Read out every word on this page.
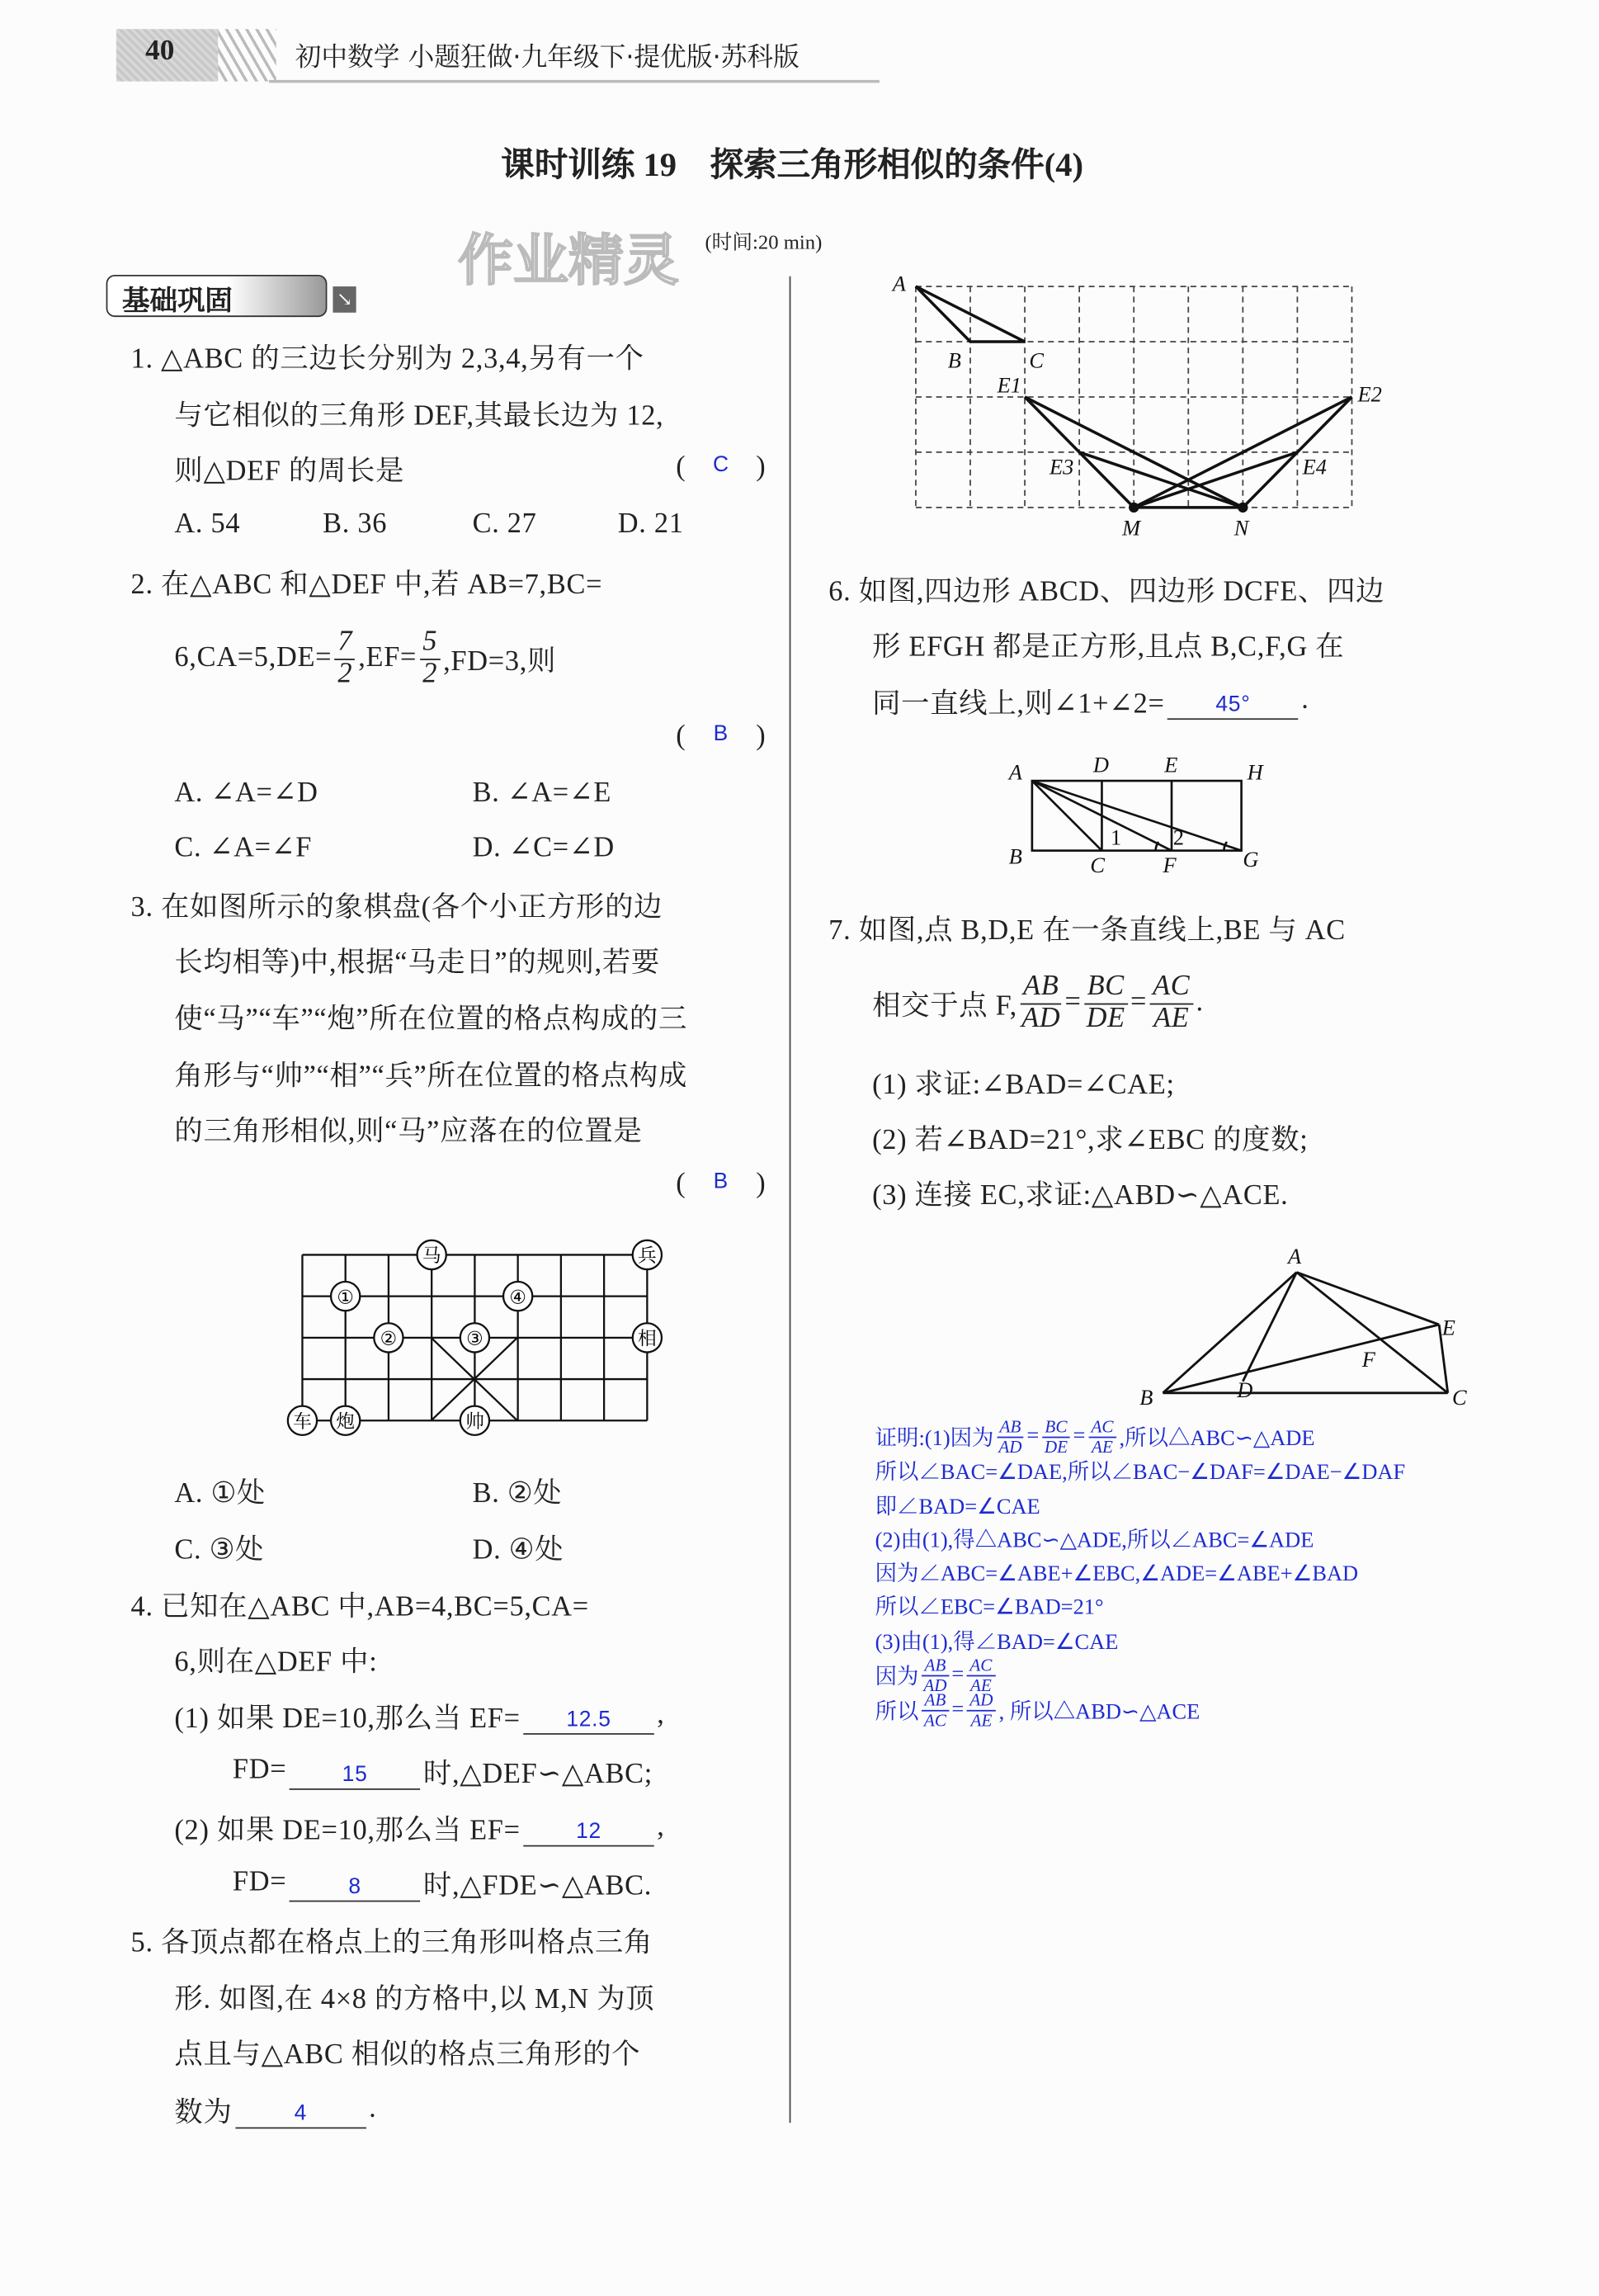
40	初中数学 小题狂做·九年级下·提优版·苏科版
课时训练 19　探索三角形相似的条件(4)
作业精灵 (时间:20 min)
基础巩固	↘
1. △ABC 的三边长分别为 2,3,4,另有一个
与它相似的三角形 DEF,其最长边为 12,
则△DEF 的周长是	( C )
A. 54	B. 36	C. 27	D. 21
2. 在△ABC 和△DEF 中,若 AB=7,BC=
$6,CA=5,DE= \frac{7}{2} ,EF= \frac{5}{2} ,FD=3$,则
( B )
A. ∠A=∠D	B. ∠A=∠E
C. ∠A=∠F	D. ∠C=∠D
3. 在如图所示的象棋盘(各个小正方形的边
长均相等)中,根据“马走日”的规则,若要
使“马”“车”“炮”所在位置的格点构成的三
角形与“帅”“相”“兵”所在位置的格点构成
的三角形相似,则“马”应落在的位置是
( B )
A. ①处	B. ②处
C. ③处	D. ④处
4. 已知在△ABC 中,AB=4,BC=5,CA=
6,则在△DEF 中:
(1) 如果 DE=10,那么当 EF=	12.5	,
FD=	15	时,△DEF∽△ABC;
(2) 如果 DE=10,那么当 EF=	12	,
FD=	8	时,△FDE∽△ABC.
5. 各顶点都在格点上的三角形叫格点三角
形. 如图,在 4×8 的方格中,以 M,N 为顶
点且与△ABC 相似的格点三角形的个
数为	4	.
6. 如图,四边形 ABCD、四边形 DCFE、四边
形 EFGH 都是正方形,且点 B,C,F,G 在
同一直线上,则∠1+∠2=	45°	.
7. 如图,点 B,D,E 在一条直线上,BE 与 AC
相交于点 F, $\frac{AB}{AD} = \frac{BC}{DE} = \frac{AC}{AE}$ .
(1) 求证:∠BAD=∠CAE;
(2) 若∠BAD=21°,求∠EBC 的度数;
(3) 连接 EC,求证:△ABD∽△ACE.
证明:(1)因为 $\frac{AB}{AD} = \frac{BC}{DE} = \frac{AC}{AE}$ ,所以△ABC∽△ADE
所以∠BAC=∠DAE,所以∠BAC−∠DAF=∠DAE−∠DAF
即∠BAD=∠CAE
(2)由(1),得△ABC∽△ADE,所以∠ABC=∠ADE
因为∠ABC=∠ABE+∠EBC,∠ADE=∠ABE+∠BAD
所以∠EBC=∠BAD=21°
(3)由(1),得∠BAD=∠CAE
因为 $\frac{AB}{AD} = \frac{AC}{AE}$
所以 $\frac{AB}{AC} = \frac{AD}{AE}$ , 所以△ABD∽△ACE
A
B	C
E1	E2
E3	E4
M	N
A	D	E	H
B	C	F	G
1	2
马	兵
①	④
②	③	相
车 炮	帅
A
B	C
D
E
F
